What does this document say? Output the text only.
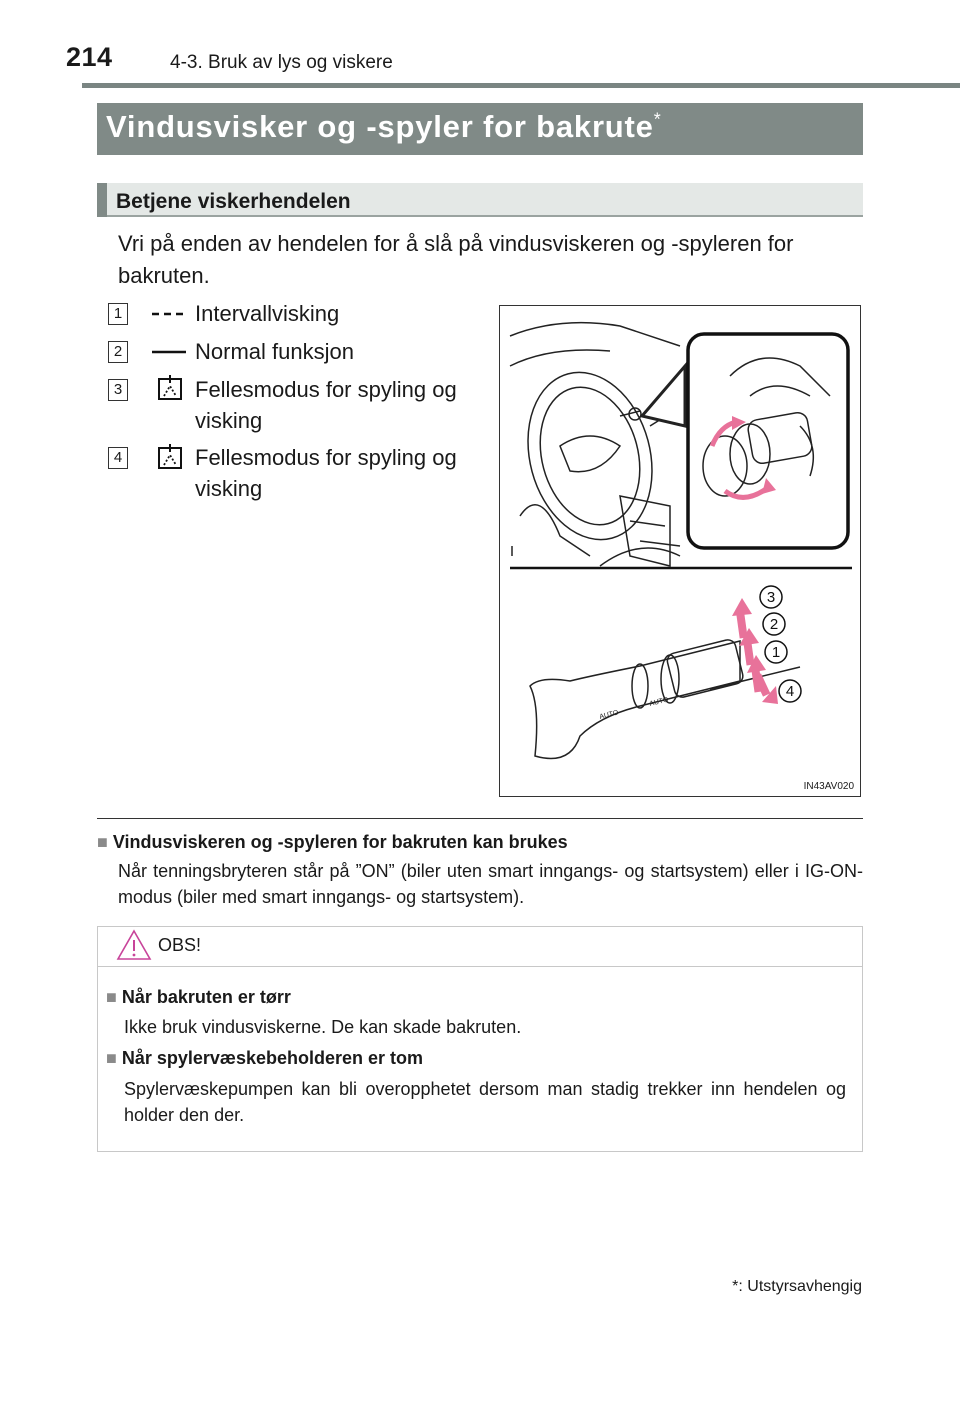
214	4-3. Bruk av lys og viskere
Vindusvisker og -spyler for bakrute*
Betjene viskerhendelen
Vri på enden av hendelen for å slå på vindusviskeren og -spyleren for bakruten.
1	Intervallvisking
2	Normal funksjon
3	Fellesmodus for spyling og visking
4	Fellesmodus for spyling og visking
AUTO
AUTO
3
2
1
4
IN43AV020
■ Vindusviskeren og -spyleren for bakruten kan brukes
Når tenningsbryteren står på ”ON” (biler uten smart inngangs- og startsystem) eller i IG-ON-modus (biler med smart inngangs- og startsystem).
OBS!
■ Når bakruten er tørr
Ikke bruk vindusviskerne. De kan skade bakruten.
■ Når spylervæskebeholderen er tom
Spylervæskepumpen kan bli overopphetet dersom man stadig trekker inn hendelen og holder den der.
*: Utstyrsavhengig
